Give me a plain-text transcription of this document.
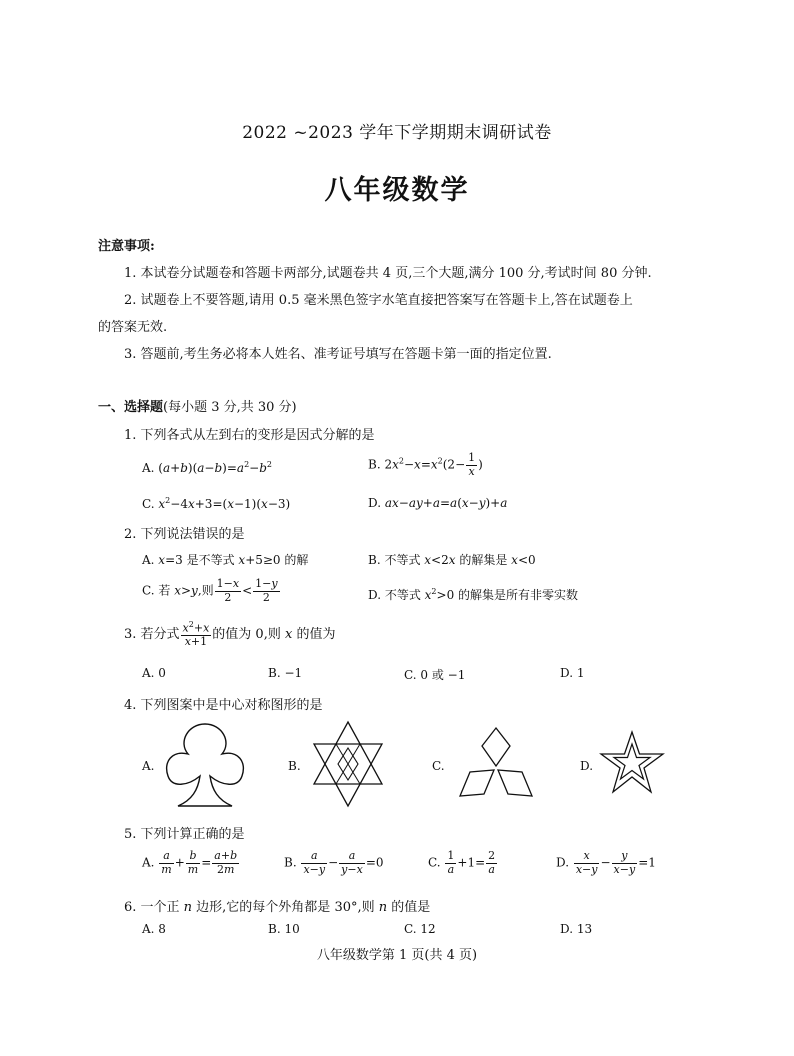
2022 ~2023 学年下学期期末调研试卷
八年级数学
注意事项:
1. 本试卷分试题卷和答题卡两部分,试题卷共 4 页,三个大题,满分 100 分,考试时间 80 分钟.
2. 试题卷上不要答题,请用 0.5 毫米黑色签字水笔直接把答案写在答题卡上,答在试题卷上
的答案无效.
3. 答题前,考生务必将本人姓名、准考证号填写在答题卡第一面的指定位置.
一、选择题(每小题 3 分,共 30 分)
1. 下列各式从左到右的变形是因式分解的是
A. $(a+b)(a-b)=a^2-b^2$	B. $2x^2-x=x^2(2- \frac{1}{x}$ )
C. $x^2-4x+3=(x-1)(x-3)$	D. ax−ay+a=a(x−y)+a
2. 下列说法错误的是
A. x=3 是不等式 x+5≥0 的解	B. 不等式 x<2x 的解集是 x<0
C. 若 x>y,则 $\frac{1-x}{2} < \frac{1-y}{2}$	D. 不等式 $x^2>0$ 的解集是所有非零实数
3. 若分式 $\frac{x^2+x}{x+1}$ 的值为 0,则 x 的值为
A. 0	B. −1	C. 0 或 −1	D. 1
4. 下列图案中是中心对称图形的是
A.	B.	C.	D.
5. 下列计算正确的是
A. $\frac{a}{m} + \frac{b}{m} = \frac{a+b}{2m}$	B. $\frac{a}{x-y} - \frac{a}{y-x} =0$	C. $\frac{1}{a} +1= \frac{2}{a}$	D. $\frac{x}{x-y} - \frac{y}{x-y} =1$
6. 一个正 n 边形,它的每个外角都是 30°,则 n 的值是
A. 8	B. 10	C. 12	D. 13
八年级数学第 1 页(共 4 页)
